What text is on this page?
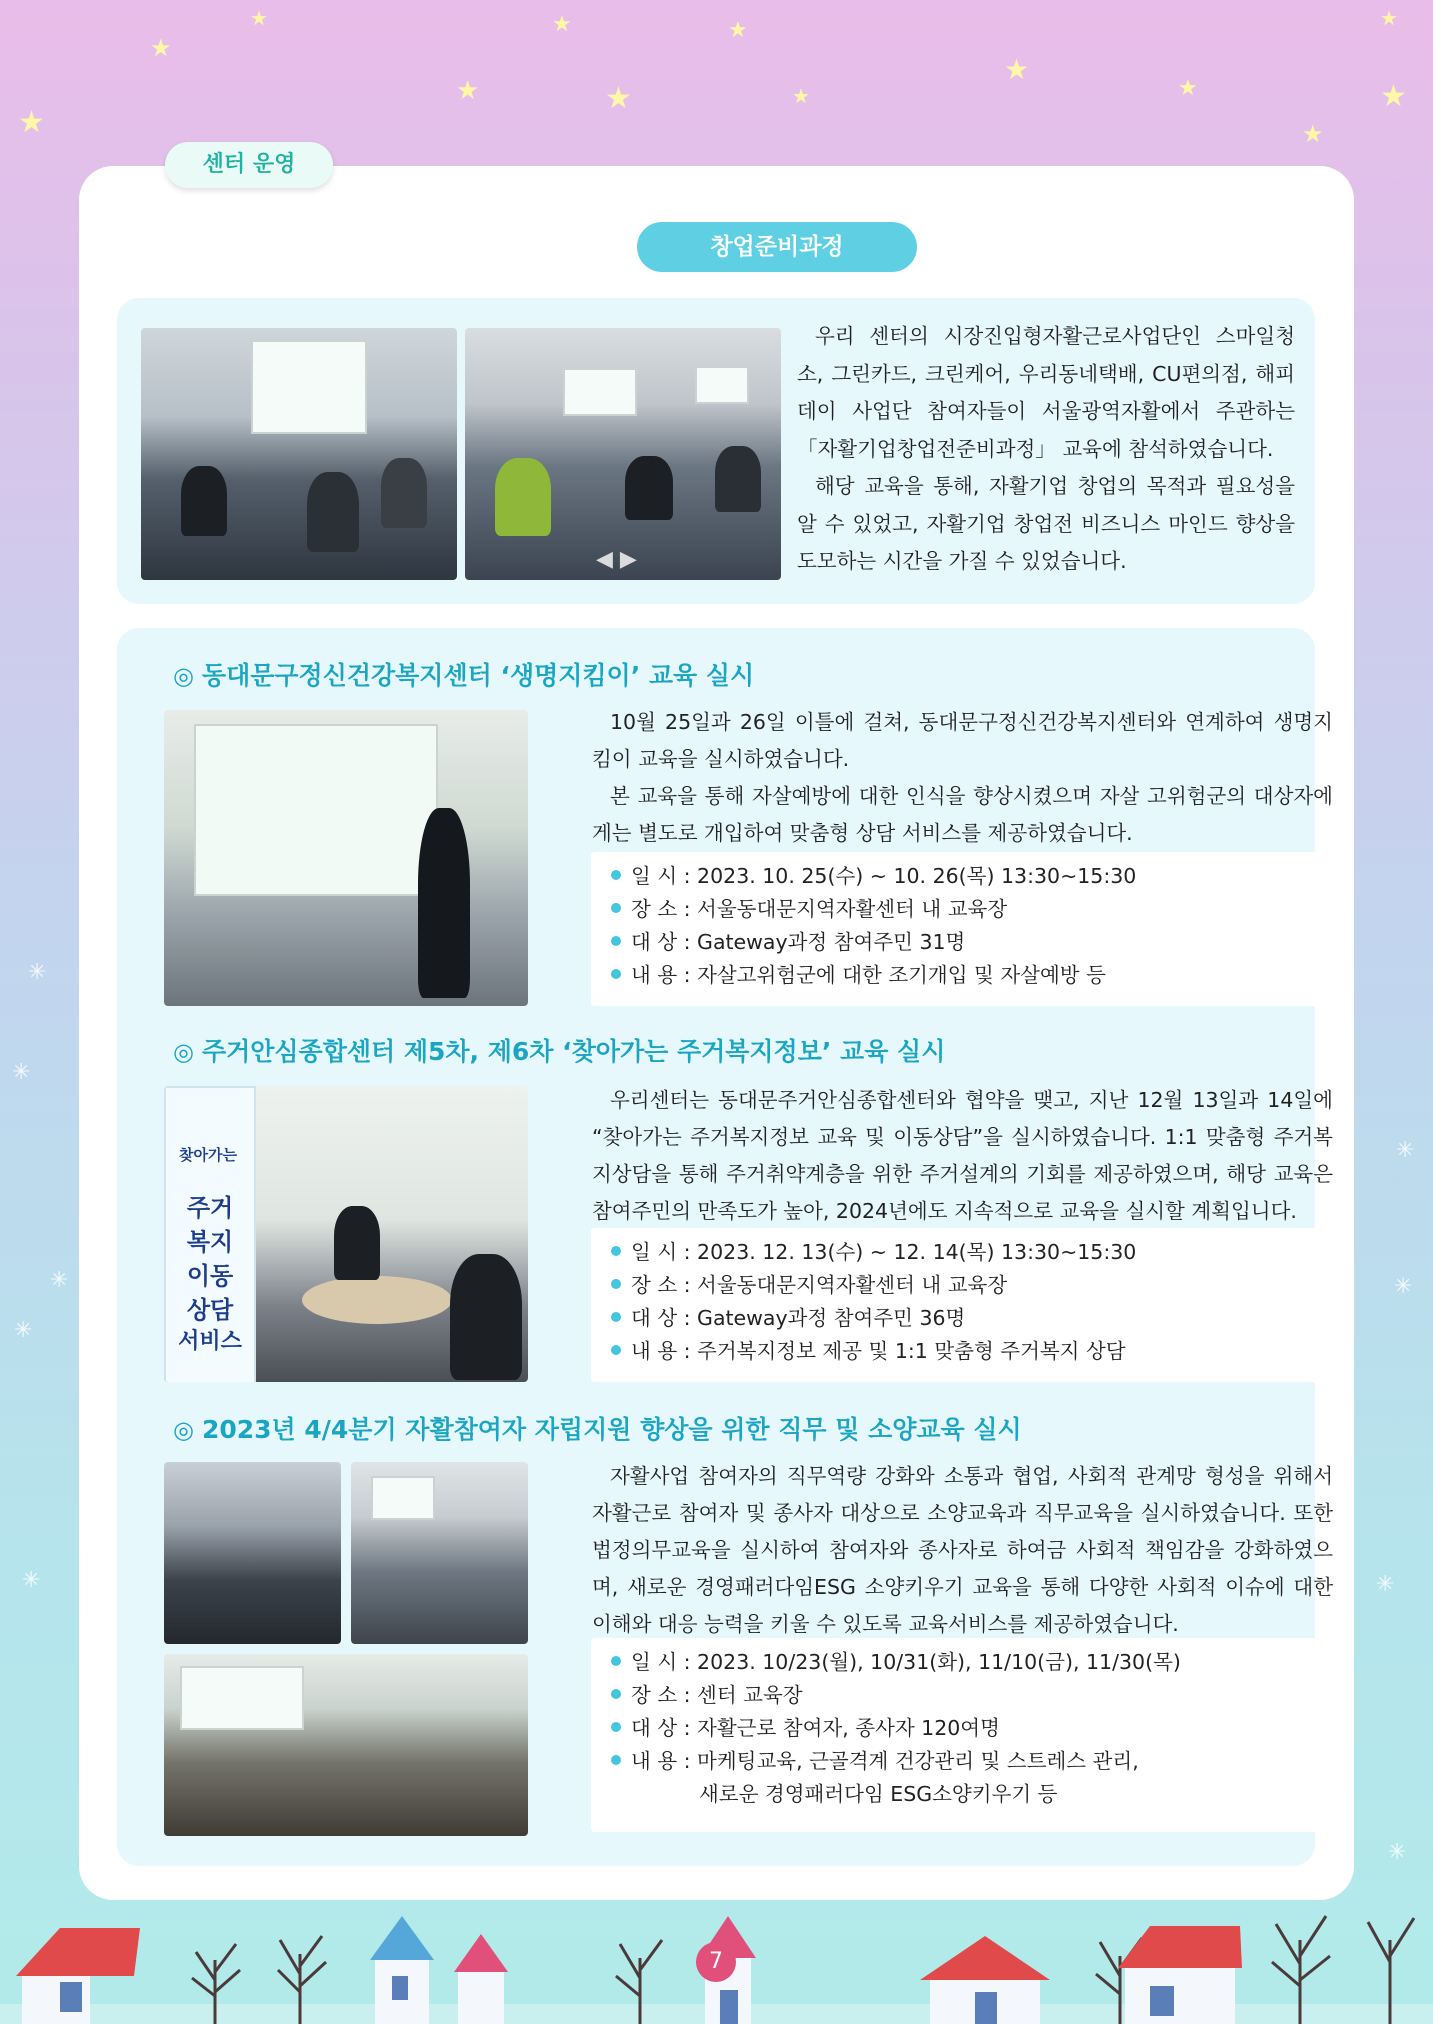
★
★
★
★
★
★
★
★
★
★
★
★
★
✳
✳
✳
✳
✳
✳
✳
✳
✳
센터 운영
창업준비과정
◀ ▶

우리 센터의 시장진입형자활근로사업단인 스마일청소, 그린카드, 크린케어, 우리동네택배, CU편의점, 해피데이 사업단 참여자들이 서울광역자활에서 주관하는 「자활기업창업전준비과정」 교육에 참석하였습니다.

해당 교육을 통해, 자활기업 창업의 목적과 필요성을 알 수 있었고, 자활기업 창업전 비즈니스 마인드 향상을 도모하는 시간을 가질 수 있었습니다.

◎ 동대문구정신건강복지센터 ‘생명지킴이’ 교육 실시

10월 25일과 26일 이틀에 걸쳐, 동대문구정신건강복지센터와 연계하여 생명지킴이 교육을 실시하였습니다.

본 교육을 통해 자살예방에 대한 인식을 향상시켰으며 자살 고위험군의 대상자에게는 별도로 개입하여 맞춤형 상담 서비스를 제공하였습니다.

일 시 : 2023. 10. 25(수) ~ 10. 26(목) 13:30~15:30
장 소 : 서울동대문지역자활센터 내 교육장
대 상 : Gateway과정 참여주민 31명
내 용 : 자살고위험군에 대한 조기개입 및 자살예방 등
◎ 주거안심종합센터 제5차, 제6차 ‘찾아가는 주거복지정보’ 교육 실시
찾아가는
주거
복지
이동
상담
서비스

우리센터는 동대문주거안심종합센터와 협약을 맺고, 지난 12월 13일과 14일에 “찾아가는 주거복지정보 교육 및 이동상담”을 실시하였습니다. 1:1 맞춤형 주거복지상담을 통해 주거취약계층을 위한 주거설계의 기회를 제공하였으며, 해당 교육은 참여주민의 만족도가 높아, 2024년에도 지속적으로 교육을 실시할 계획입니다.

일 시 : 2023. 12. 13(수) ~ 12. 14(목) 13:30~15:30
장 소 : 서울동대문지역자활센터 내 교육장
대 상 : Gateway과정 참여주민 36명
내 용 : 주거복지정보 제공 및 1:1 맞춤형 주거복지 상담
◎ 2023년 4/4분기 자활참여자 자립지원 향상을 위한 직무 및 소양교육 실시

자활사업 참여자의 직무역량 강화와 소통과 협업, 사회적 관계망 형성을 위해서 자활근로 참여자 및 종사자 대상으로 소양교육과 직무교육을 실시하였습니다. 또한 법정의무교육을 실시하여 참여자와 종사자로 하여금 사회적 책임감을 강화하였으며, 새로운 경영패러다임ESG 소양키우기 교육을 통해 다양한 사회적 이슈에 대한 이해와 대응 능력을 키울 수 있도록 교육서비스를 제공하였습니다.

일 시 : 2023. 10/23(월), 10/31(화), 11/10(금), 11/30(목)
장 소 : 센터 교육장
대 상 : 자활근로 참여자, 종사자 120여명
내 용 : 마케팅교육, 근골격계 건강관리 및 스트레스 관리,
새로운 경영패러다임 ESG소양키우기 등
7
